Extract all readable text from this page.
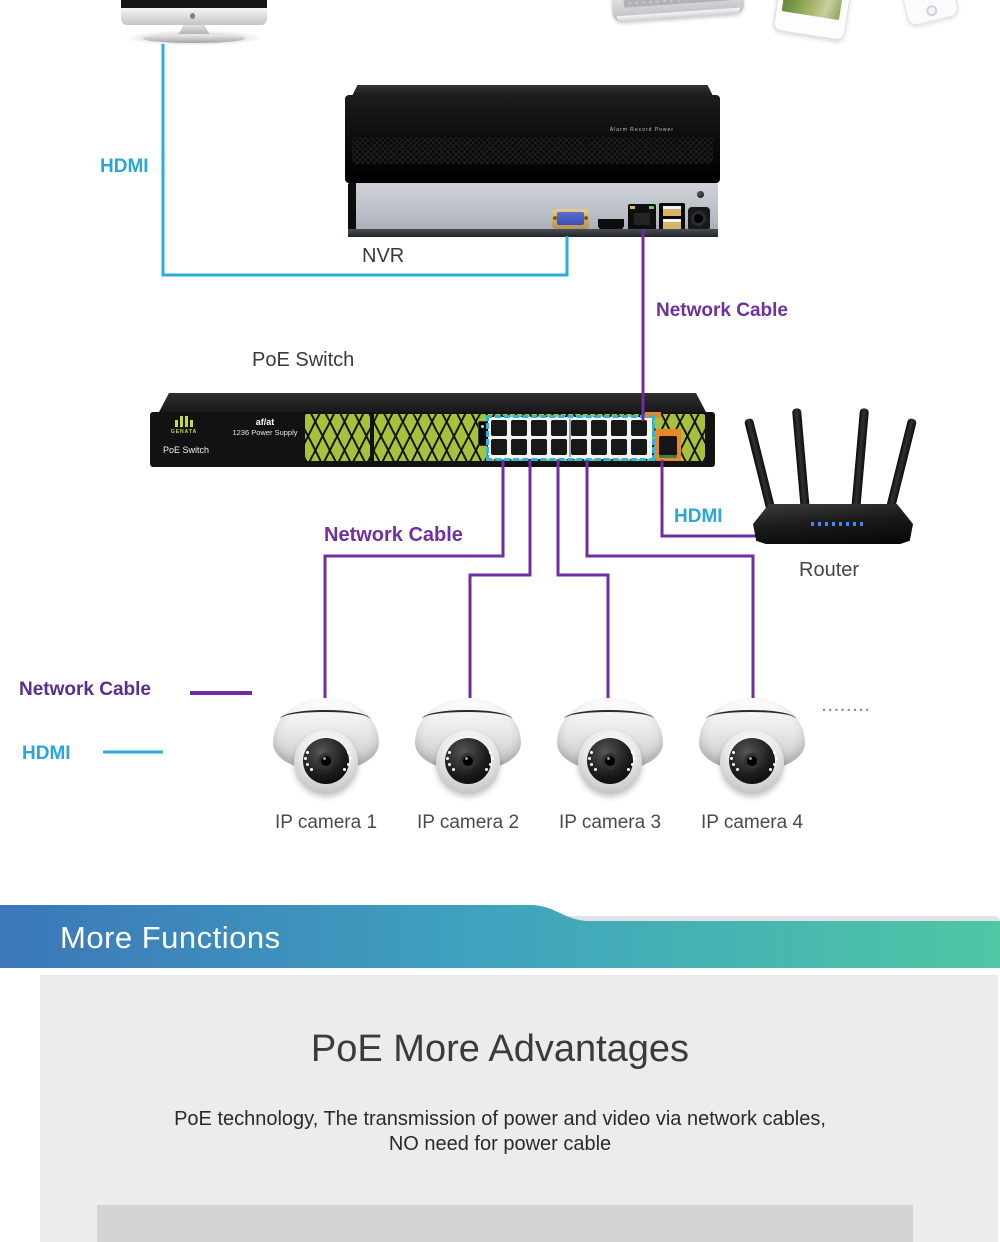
Alarm Record Power
GENATA
af/at
1236 Power Supply
PoE Switch
IP camera 1 IP camera 2 IP camera 3 IP camera 4
HDMI
NVR
Network Cable
PoE Switch
Network Cable
HDMI
Router
Network Cable
HDMI
........
More Functions
PoE More Advantages
PoE technology, The transmission of power and video via network cables,
NO need for power cable
